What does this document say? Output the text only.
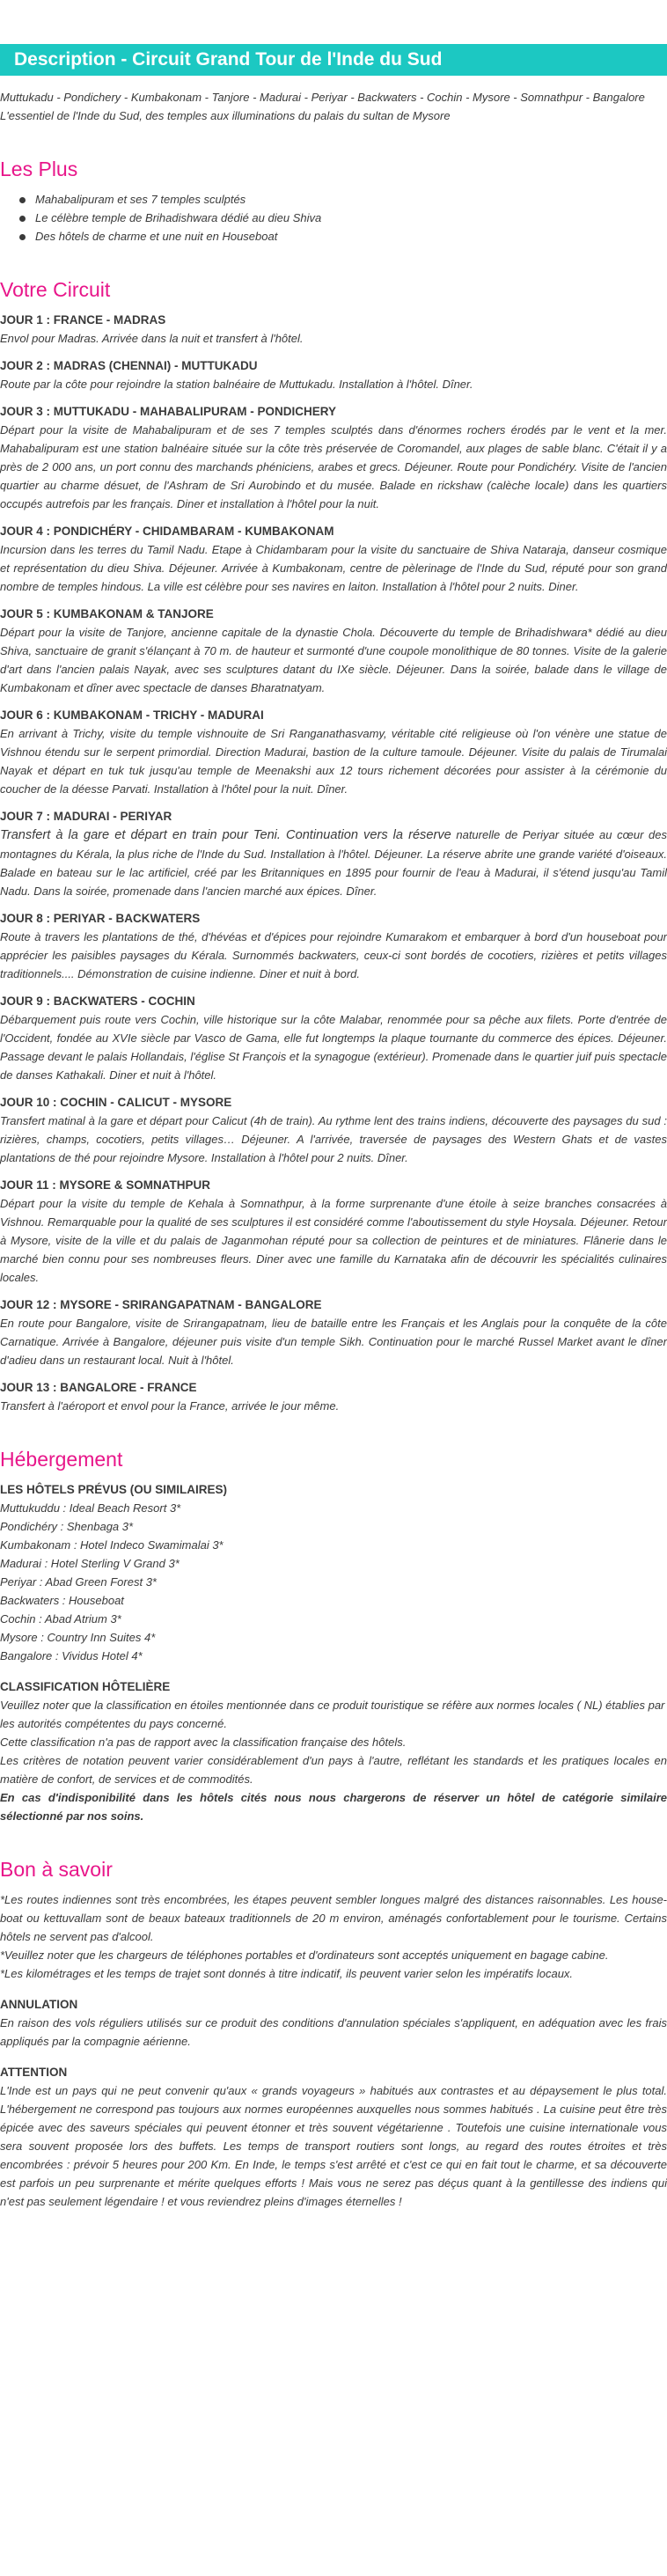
Description - Circuit Grand Tour de l'Inde du Sud

Muttukadu - Pondichery - Kumbakonam - Tanjore - Madurai - Periyar - Backwaters - Cochin - Mysore - Somnathpur - Bangalore

L'essentiel de l'Inde du Sud, des temples aux illuminations du palais du sultan de Mysore

Les Plus
Mahabalipuram et ses 7 temples sculptés
Le célèbre temple de Brihadishwara dédié au dieu Shiva
Des hôtels de charme et une nuit en Houseboat
Votre Circuit
JOUR 1 : FRANCE - MADRAS

Envol pour Madras. Arrivée dans la nuit et transfert à l'hôtel.

JOUR 2 : MADRAS (CHENNAI) - MUTTUKADU

Route par la côte pour rejoindre la station balnéaire de Muttukadu. Installation à l'hôtel. Dîner.

JOUR 3 : MUTTUKADU - MAHABALIPURAM - PONDICHERY

Départ pour la visite de Mahabalipuram et de ses 7 temples sculptés dans d'énormes rochers érodés par le vent et la mer. Mahabalipuram est une station balnéaire située sur la côte très préservée de Coromandel, aux plages de sable blanc. C'était il y a près de 2 000 ans, un port connu des marchands phéniciens, arabes et grecs. Déjeuner. Route pour Pondichéry. Visite de l'ancien quartier au charme désuet, de l'Ashram de Sri Aurobindo et du musée. Balade en rickshaw (calèche locale) dans les quartiers occupés autrefois par les français. Diner et installation à l'hôtel pour la nuit.

JOUR 4 : PONDICHÉRY - CHIDAMBARAM - KUMBAKONAM

Incursion dans les terres du Tamil Nadu. Etape à Chidambaram pour la visite du sanctuaire de Shiva Nataraja, danseur cosmique et représentation du dieu Shiva. Déjeuner. Arrivée à Kumbakonam, centre de pèlerinage de l'Inde du Sud, réputé pour son grand nombre de temples hindous. La ville est célèbre pour ses navires en laiton. Installation à l'hôtel pour 2 nuits. Diner.

JOUR 5 : KUMBAKONAM & TANJORE

Départ pour la visite de Tanjore, ancienne capitale de la dynastie Chola. Découverte du temple de Brihadishwara* dédié au dieu Shiva, sanctuaire de granit s'élançant à 70 m. de hauteur et surmonté d'une coupole monolithique de 80 tonnes. Visite de la galerie d'art dans l'ancien palais Nayak, avec ses sculptures datant du IXe siècle. Déjeuner. Dans la soirée, balade dans le village de Kumbakonam et dîner avec spectacle de danses Bharatnatyam.

JOUR 6 : KUMBAKONAM - TRICHY - MADURAI

En arrivant à Trichy, visite du temple vishnouite de Sri Ranganathasvamy, véritable cité religieuse où l'on vénère une statue de Vishnou étendu sur le serpent primordial. Direction Madurai, bastion de la culture tamoule. Déjeuner. Visite du palais de Tirumalai Nayak et départ en tuk tuk jusqu'au temple de Meenakshi aux 12 tours richement décorées pour assister à la cérémonie du coucher de la déesse Parvati. Installation à l'hôtel pour la nuit. Dîner.

JOUR 7 : MADURAI - PERIYAR

Transfert à la gare et départ en train pour Teni. Continuation vers la réserve naturelle de Periyar située au cœur des montagnes du Kérala, la plus riche de l'Inde du Sud. Installation à l'hôtel. Déjeuner. La réserve abrite une grande variété d'oiseaux. Balade en bateau sur le lac artificiel, créé par les Britanniques en 1895 pour fournir de l'eau à Madurai, il s'étend jusqu'au Tamil Nadu. Dans la soirée, promenade dans l'ancien marché aux épices. Dîner.

JOUR 8 : PERIYAR - BACKWATERS

Route à travers les plantations de thé, d'hévéas et d'épices pour rejoindre Kumarakom et embarquer à bord d'un houseboat pour apprécier les paisibles paysages du Kérala. Surnommés backwaters, ceux-ci sont bordés de cocotiers, rizières et petits villages traditionnels.... Démonstration de cuisine indienne. Diner et nuit à bord.

JOUR 9 : BACKWATERS - COCHIN

Débarquement puis route vers Cochin, ville historique sur la côte Malabar, renommée pour sa pêche aux filets. Porte d'entrée de l'Occident, fondée au XVIe siècle par Vasco de Gama, elle fut longtemps la plaque tournante du commerce des épices. Déjeuner. Passage devant le palais Hollandais, l'église St François et la synagogue (extérieur). Promenade dans le quartier juif puis spectacle de danses Kathakali. Diner et nuit à l'hôtel.

JOUR 10 : COCHIN - CALICUT - MYSORE

Transfert matinal à la gare et départ pour Calicut (4h de train). Au rythme lent des trains indiens, découverte des paysages du sud : rizières, champs, cocotiers, petits villages… Déjeuner. A l'arrivée, traversée de paysages des Western Ghats et de vastes plantations de thé pour rejoindre Mysore. Installation à l'hôtel pour 2 nuits. Dîner.

JOUR 11 : MYSORE & SOMNATHPUR

Départ pour la visite du temple de Kehala à Somnathpur, à la forme surprenante d'une étoile à seize branches consacrées à Vishnou. Remarquable pour la qualité de ses sculptures il est considéré comme l'aboutissement du style Hoysala. Déjeuner. Retour à Mysore, visite de la ville et du palais de Jaganmohan réputé pour sa collection de peintures et de miniatures. Flânerie dans le marché bien connu pour ses nombreuses fleurs. Diner avec une famille du Karnataka afin de découvrir les spécialités culinaires locales.

JOUR 12 : MYSORE - SRIRANGAPATNAM - BANGALORE

En route pour Bangalore, visite de Srirangapatnam, lieu de bataille entre les Français et les Anglais pour la conquête de la côte Carnatique. Arrivée à Bangalore, déjeuner puis visite d'un temple Sikh. Continuation pour le marché Russel Market avant le dîner d'adieu dans un restaurant local. Nuit à l'hôtel.

JOUR 13 : BANGALORE - FRANCE

Transfert à l'aéroport et envol pour la France, arrivée le jour même.

Hébergement
LES HÔTELS PRÉVUS (OU SIMILAIRES)
Muttukuddu : Ideal Beach Resort 3*
Pondichéry : Shenbaga 3*
Kumbakonam : Hotel Indeco Swamimalai 3*
Madurai : Hotel Sterling V Grand 3*
Periyar : Abad Green Forest 3*
Backwaters : Houseboat
Cochin : Abad Atrium 3*
Mysore : Country Inn Suites 4*
Bangalore : Vividus Hotel 4*
CLASSIFICATION HÔTELIÈRE

Veuillez noter que la classification en étoiles mentionnée dans ce produit touristique se réfère aux normes locales ( NL) établies par les autorités compétentes du pays concerné.

Cette classification n'a pas de rapport avec la classification française des hôtels.

Les critères de notation peuvent varier considérablement d'un pays à l'autre, reflétant les standards et les pratiques locales en matière de confort, de services et de commodités.

En cas d'indisponibilité dans les hôtels cités nous nous chargerons de réserver un hôtel de catégorie similaire sélectionné par nos soins.

Bon à savoir

*Les routes indiennes sont très encombrées, les étapes peuvent sembler longues malgré des distances raisonnables. Les house-boat ou kettuvallam sont de beaux bateaux traditionnels de 20 m environ, aménagés confortablement pour le tourisme. Certains hôtels ne servent pas d'alcool.

*Veuillez noter que les chargeurs de téléphones portables et d'ordinateurs sont acceptés uniquement en bagage cabine.

*Les kilométrages et les temps de trajet sont donnés à titre indicatif, ils peuvent varier selon les impératifs locaux.

ANNULATION

En raison des vols réguliers utilisés sur ce produit des conditions d'annulation spéciales s'appliquent, en adéquation avec les frais appliqués par la compagnie aérienne.

ATTENTION

L'Inde est un pays qui ne peut convenir qu'aux « grands voyageurs » habitués aux contrastes et au dépaysement le plus total. L'hébergement ne correspond pas toujours aux normes européennes auxquelles nous sommes habitués . La cuisine peut être très épicée avec des saveurs spéciales qui peuvent étonner et très souvent végétarienne . Toutefois une cuisine internationale vous sera souvent proposée lors des buffets. Les temps de transport routiers sont longs, au regard des routes étroites et très encombrées : prévoir 5 heures pour 200 Km. En Inde, le temps s'est arrêté et c'est ce qui en fait tout le charme, et sa découverte est parfois un peu surprenante et mérite quelques efforts ! Mais vous ne serez pas déçus quant à la gentillesse des indiens qui n'est pas seulement légendaire ! et vous reviendrez pleins d'images éternelles !
